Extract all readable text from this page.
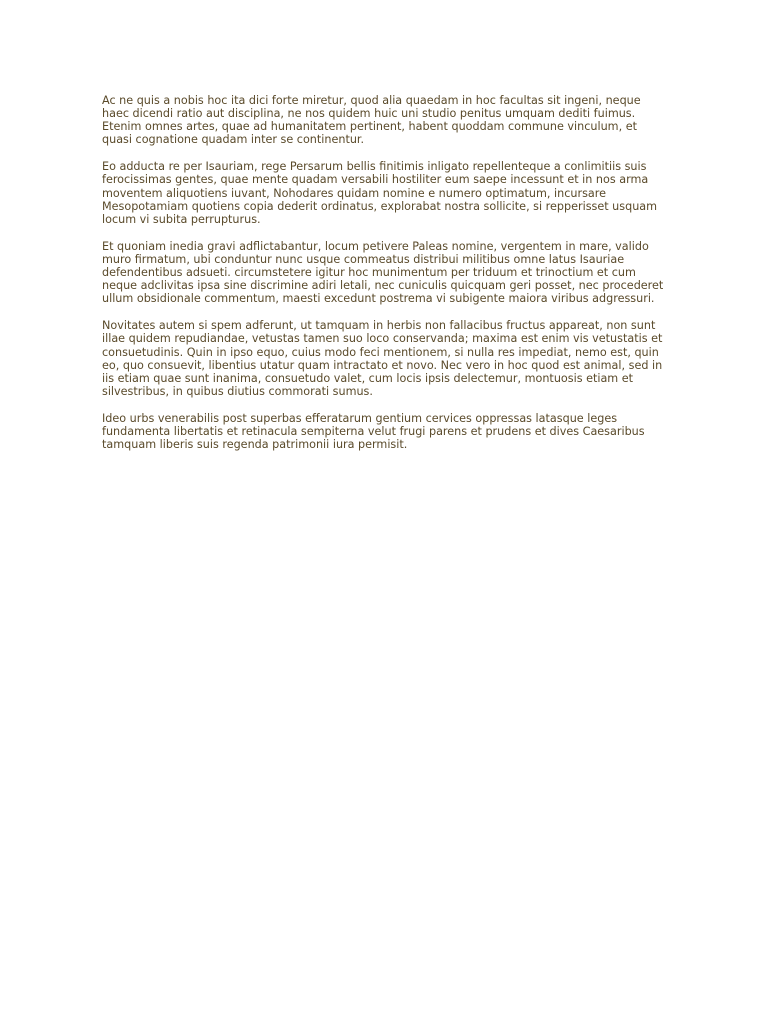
Ac ne quis a nobis hoc ita dici forte miretur, quod alia quaedam in hoc facultas sit ingeni, neque haec dicendi ratio aut disciplina, ne nos quidem huic uni studio penitus umquam dediti fuimus. Etenim omnes artes, quae ad humanitatem pertinent, habent quoddam commune vinculum, et quasi cognatione quadam inter se continentur.

Eo adducta re per Isauriam, rege Persarum bellis finitimis inligato repellenteque a conlimitiis suis ferocissimas gentes, quae mente quadam versabili hostiliter eum saepe incessunt et in nos arma moventem aliquotiens iuvant, Nohodares quidam nomine e numero optimatum, incursare Mesopotamiam quotiens copia dederit ordinatus, explorabat nostra sollicite, si repperisset usquam locum vi subita perrupturus.

Et quoniam inedia gravi adflictabantur, locum petivere Paleas nomine, vergentem in mare, valido muro firmatum, ubi conduntur nunc usque commeatus distribui militibus omne latus Isauriae defendentibus adsueti. circumstetere igitur hoc munimentum per triduum et trinoctium et cum neque adclivitas ipsa sine discrimine adiri letali, nec cuniculis quicquam geri posset, nec procederet ullum obsidionale commentum, maesti excedunt postrema vi subigente maiora viribus adgressuri.

Novitates autem si spem adferunt, ut tamquam in herbis non fallacibus fructus appareat, non sunt illae quidem repudiandae, vetustas tamen suo loco conservanda; maxima est enim vis vetustatis et consuetudinis. Quin in ipso equo, cuius modo feci mentionem, si nulla res impediat, nemo est, quin eo, quo consuevit, libentius utatur quam intractato et novo. Nec vero in hoc quod est animal, sed in iis etiam quae sunt inanima, consuetudo valet, cum locis ipsis delectemur, montuosis etiam et silvestribus, in quibus diutius commorati sumus.

Ideo urbs venerabilis post superbas efferatarum gentium cervices oppressas latasque leges fundamenta libertatis et retinacula sempiterna velut frugi parens et prudens et dives Caesaribus tamquam liberis suis regenda patrimonii iura permisit.
